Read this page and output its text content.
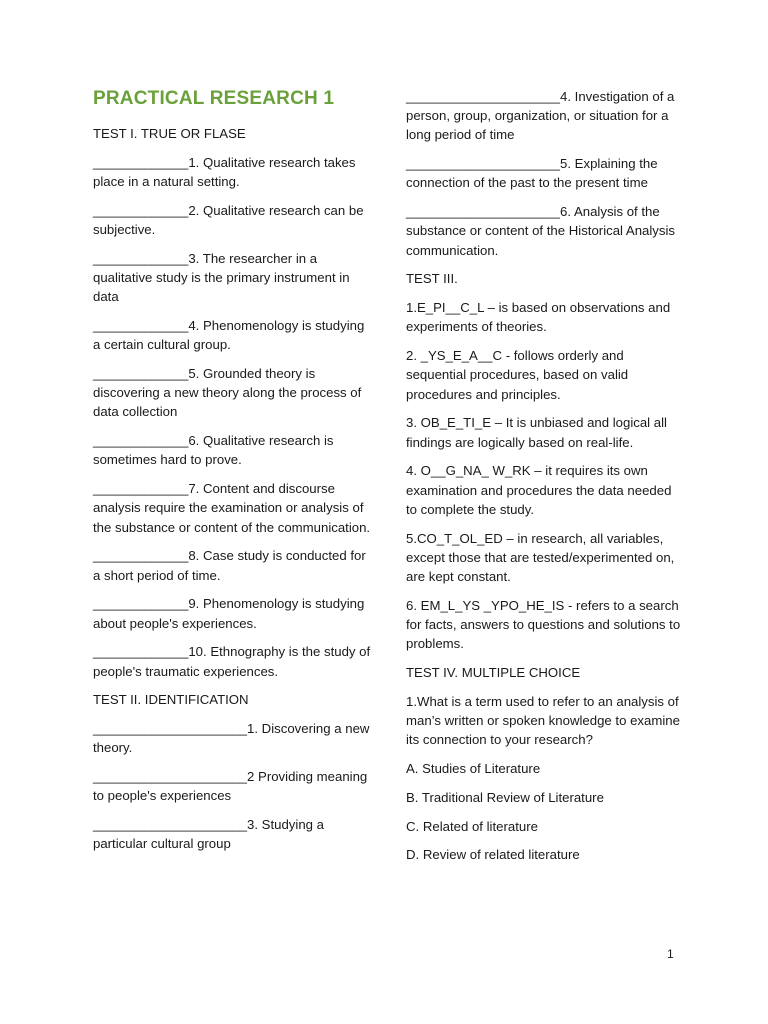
PRACTICAL RESEARCH 1

TEST I. TRUE OR FLASE

_____________1. Qualitative research takes place in a natural setting.

_____________2. Qualitative research can be subjective.

_____________3. The researcher in a qualitative study is the primary instrument in data

_____________4. Phenomenology is studying a certain cultural group.

_____________5. Grounded theory is discovering a new theory along the process of data collection

_____________6. Qualitative research is sometimes hard to prove.

_____________7. Content and discourse analysis require the examination or analysis of the substance or content of the communication.

_____________8. Case study is conducted for a short period of time.

_____________9. Phenomenology is studying about people's experiences.

_____________10. Ethnography is the study of people's traumatic experiences.

TEST II. IDENTIFICATION

_____________________1. Discovering a new theory.

_____________________2 Providing meaning to people's experiences

_____________________3. Studying a particular cultural group

_____________________4. Investigation of a person, group, organization, or situation for a long period of time

_____________________5. Explaining the connection of the past to the present time

_____________________6. Analysis of the substance or content of the Historical Analysis communication.

TEST III.

1.E_PI__C_L – is based on observations and experiments of theories.

2. _YS_E_A__C - follows orderly and sequential procedures, based on valid procedures and principles.

3. OB_E_TI_E – It is unbiased and logical all findings are logically based on real-life.

4. O__G_NA_ W_RK – it requires its own examination and procedures the data needed to complete the study.

5.CO_T_OL_ED – in research, all variables, except those that are tested/experimented on, are kept constant.

6. EM_L_YS _YPO_HE_IS - refers to a search for facts, answers to questions and solutions to problems.

TEST IV. MULTIPLE CHOICE

1.What is a term used to refer to an analysis of man’s written or spoken knowledge to examine its connection to your research?

A. Studies of Literature

B. Traditional Review of Literature

C. Related of literature

D. Review of related literature

1
